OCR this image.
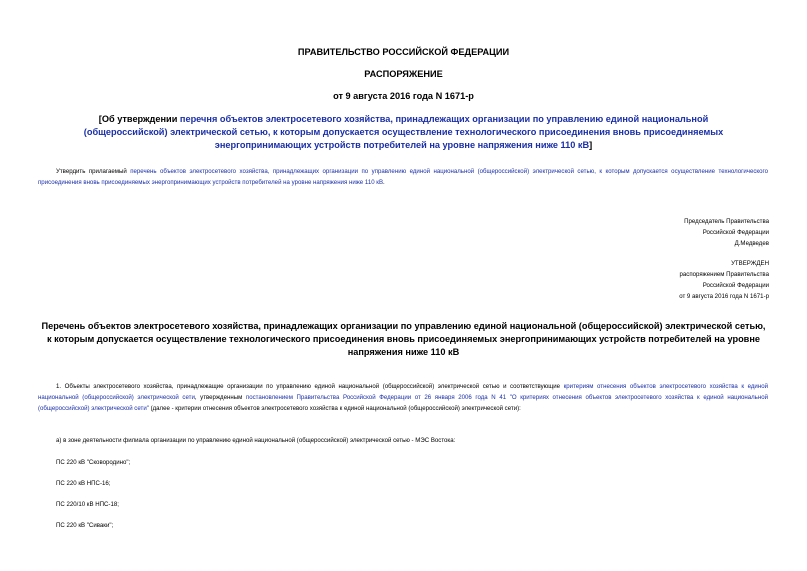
ПРАВИТЕЛЬСТВО РОССИЙСКОЙ ФЕДЕРАЦИИ
РАСПОРЯЖЕНИЕ
от 9 августа 2016 года N 1671-р
[Об утверждении перечня объектов электросетевого хозяйства, принадлежащих организации по управлению единой национальной (общероссийской) электрической сетью, к которым допускается осуществление технологического присоединения вновь присоединяемых энергопринимающих устройств потребителей на уровне напряжения ниже 110 кВ]
Утвердить прилагаемый перечень объектов электросетевого хозяйства, принадлежащих организации по управлению единой национальной (общероссийской) электрической сетью, к которым допускается осуществление технологического присоединения вновь присоединяемых энергопринимающих устройств потребителей на уровне напряжения ниже 110 кВ.
Председатель Правительства
Российской Федерации
Д.Медведев
УТВЕРЖДЕН
распоряжением Правительства
Российской Федерации
от 9 августа 2016 года N 1671-р
Перечень объектов электросетевого хозяйства, принадлежащих организации по управлению единой национальной (общероссийской) электрической сетью, к которым допускается осуществление технологического присоединения вновь присоединяемых энергопринимающих устройств потребителей на уровне напряжения ниже 110 кВ
1. Объекты электросетевого хозяйства, принадлежащие организации по управлению единой национальной (общероссийской) электрической сетью и соответствующие критериям отнесения объектов электросетевого хозяйства к единой национальной (общероссийской) электрической сети, утвержденным постановлением Правительства Российской Федерации от 26 января 2006 года N 41 "О критериях отнесения объектов электросетевого хозяйства к единой национальной (общероссийской) электрической сети" (далее - критерии отнесения объектов электросетевого хозяйства к единой национальной (общероссийской) электрической сети):
а) в зоне деятельности филиала организации по управлению единой национальной (общероссийской) электрической сетью - МЭС Востока:
ПС 220 кВ "Сковородино";
ПС 220 кВ НПС-16;
ПС 220/10 кВ НПС-18;
ПС 220 кВ "Сиваки";
